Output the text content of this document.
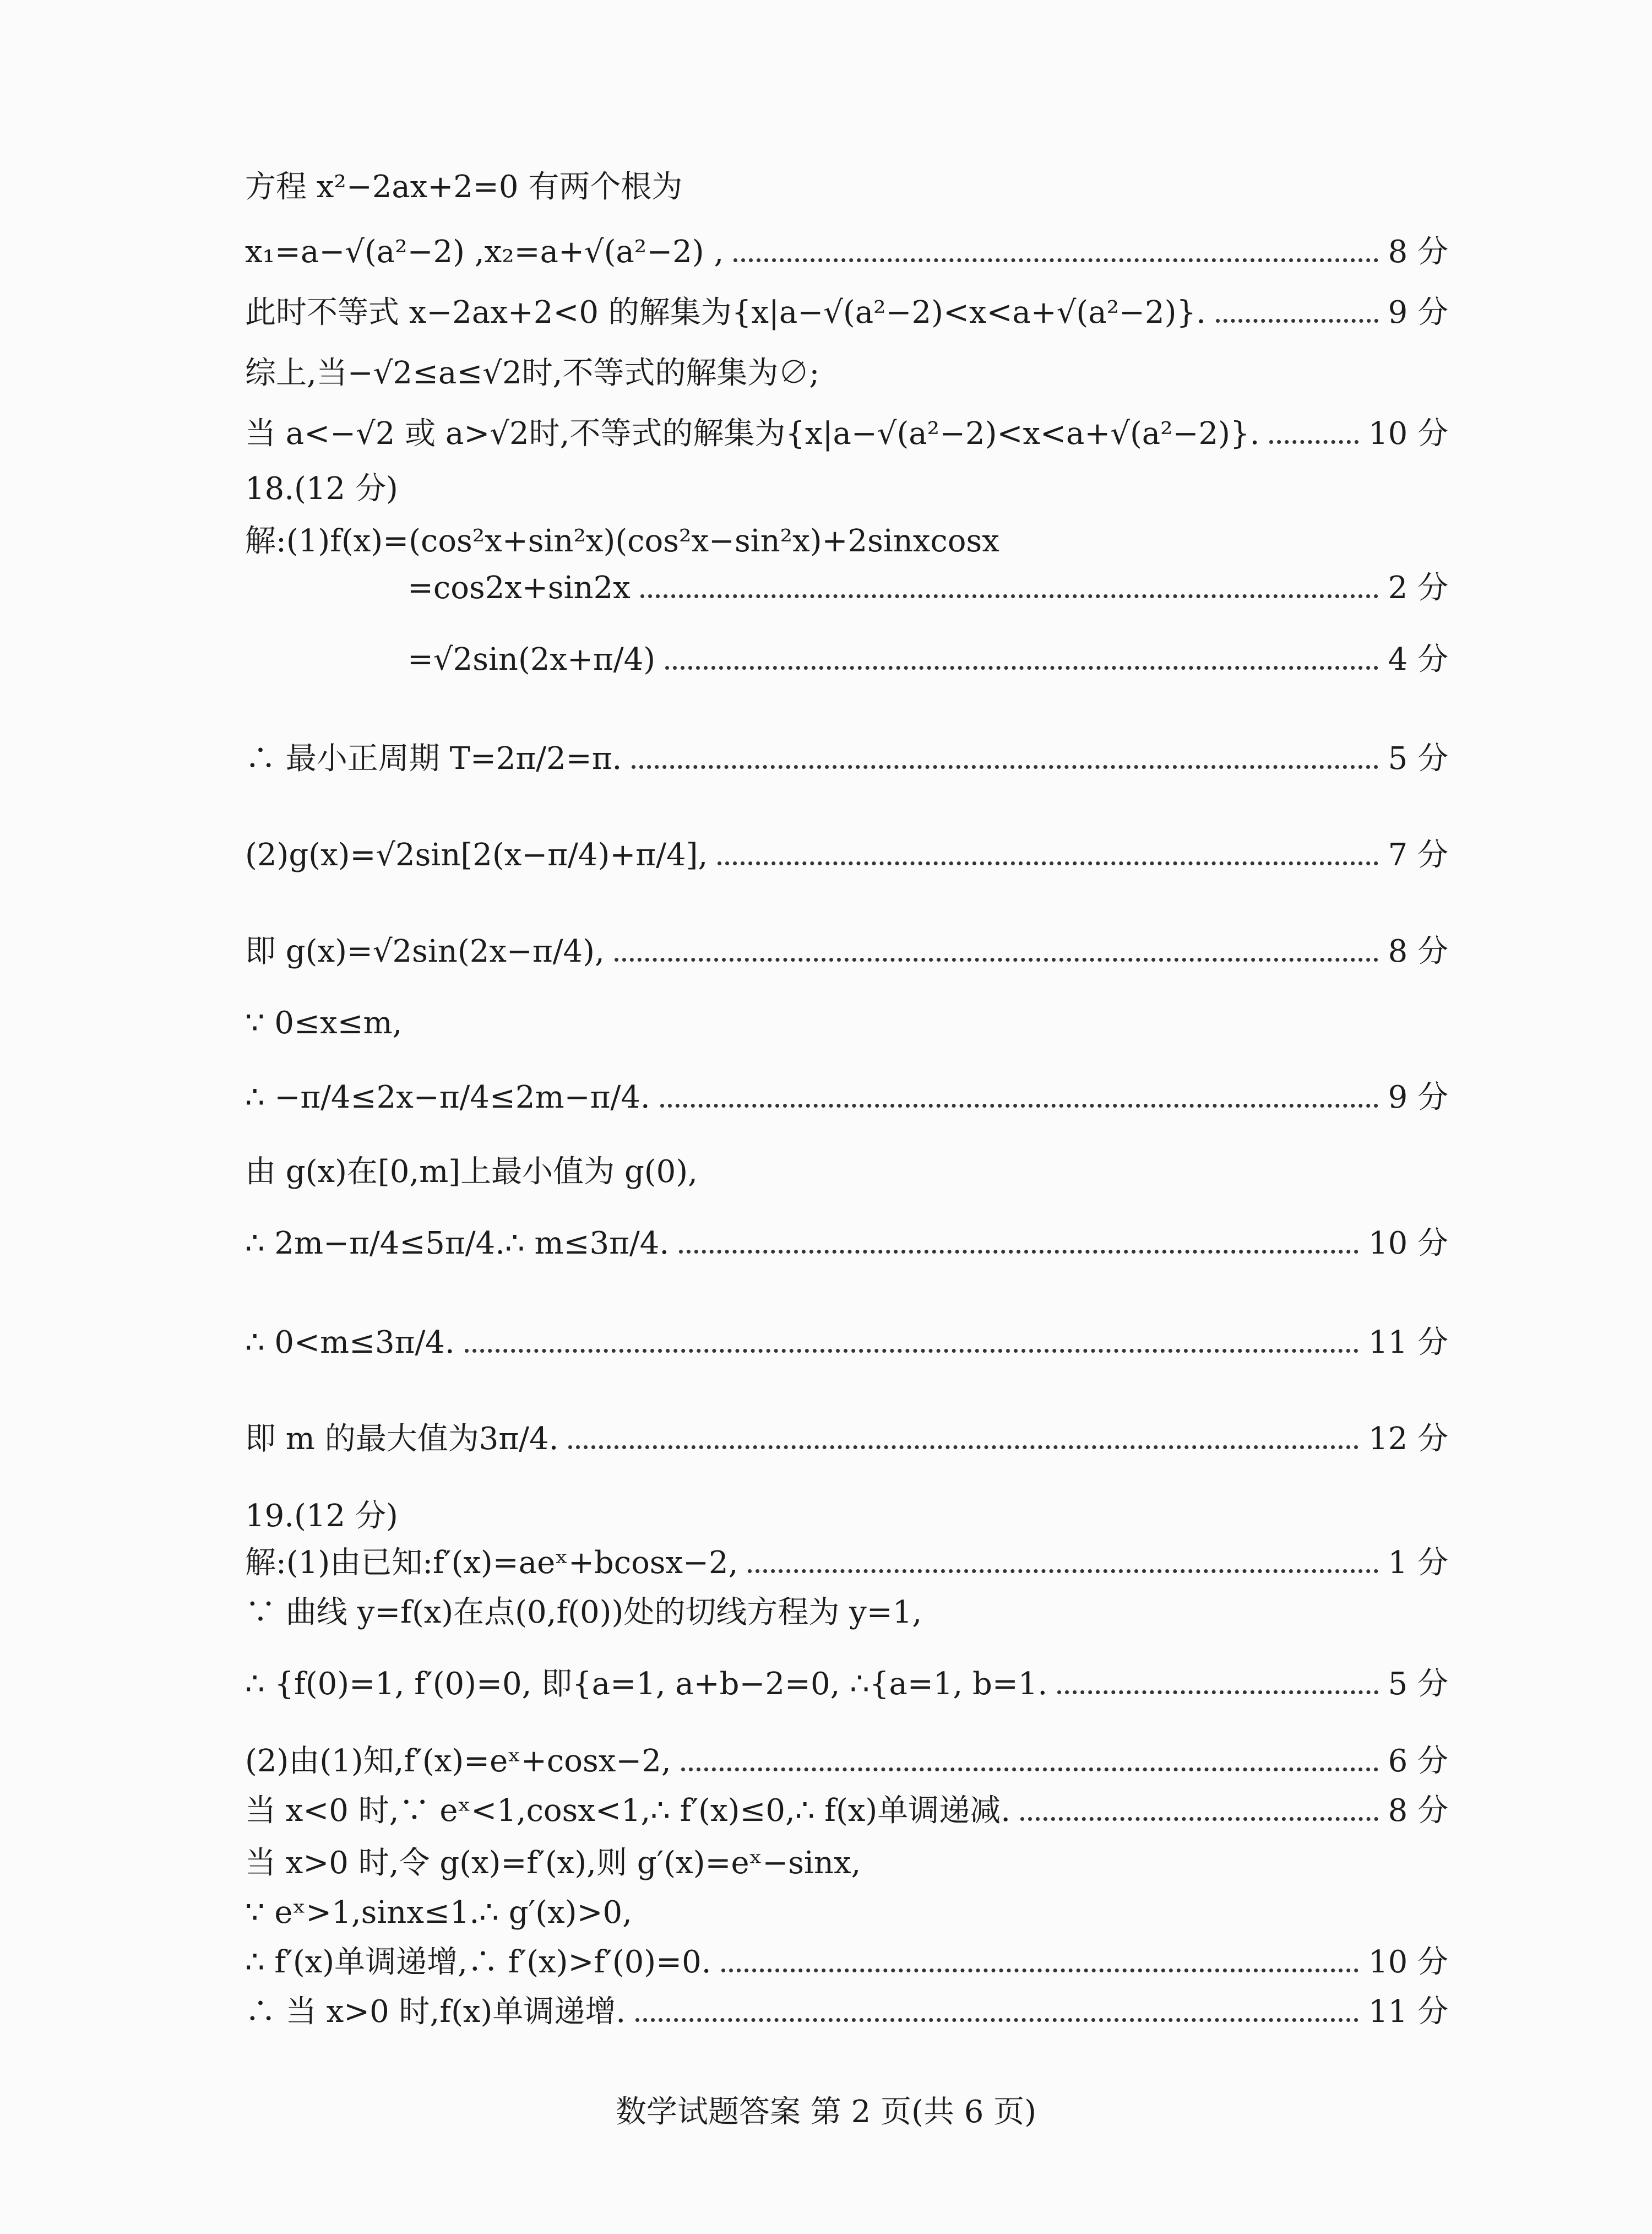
方程 x²−2ax+2=0 有两个根为
x₁=a−√(a²−2) ,x₂=a+√(a²−2) ,	8 分
此时不等式 x−2ax+2<0 的解集为{x|a−√(a²−2)<x<a+√(a²−2)}.	9 分
综上,当−√2≤a≤√2时,不等式的解集为∅;
当 a<−√2 或 a>√2时,不等式的解集为{x|a−√(a²−2)<x<a+√(a²−2)}.	10 分
18.(12 分)
解:(1)f(x)=(cos²x+sin²x)(cos²x−sin²x)+2sinxcosx
=cos2x+sin2x	2 分
=√2sin(2x+π/4)	4 分
∴ 最小正周期 T=2π/2=π.	5 分
(2)g(x)=√2sin[2(x−π/4)+π/4],	7 分
即 g(x)=√2sin(2x−π/4),	8 分
∵ 0≤x≤m,
∴ −π/4≤2x−π/4≤2m−π/4.	9 分
由 g(x)在[0,m]上最小值为 g(0),
∴ 2m−π/4≤5π/4.∴ m≤3π/4.	10 分
∴ 0<m≤3π/4.	11 分
即 m 的最大值为3π/4.	12 分
19.(12 分)
解:(1)由已知:f′(x)=aeˣ+bcosx−2,	1 分
∵ 曲线 y=f(x)在点(0,f(0))处的切线方程为 y=1,
∴ {f(0)=1, f′(0)=0, 即{a=1, a+b−2=0, ∴{a=1, b=1.	5 分
(2)由(1)知,f′(x)=eˣ+cosx−2,	6 分
当 x<0 时,∵ eˣ<1,cosx<1,∴ f′(x)≤0,∴ f(x)单调递减.	8 分
当 x>0 时,令 g(x)=f′(x),则 g′(x)=eˣ−sinx,
∵ eˣ>1,sinx≤1.∴ g′(x)>0,
∴ f′(x)单调递增,∴ f′(x)>f′(0)=0.	10 分
∴ 当 x>0 时,f(x)单调递增.	11 分
数学试题答案 第 2 页(共 6 页)
